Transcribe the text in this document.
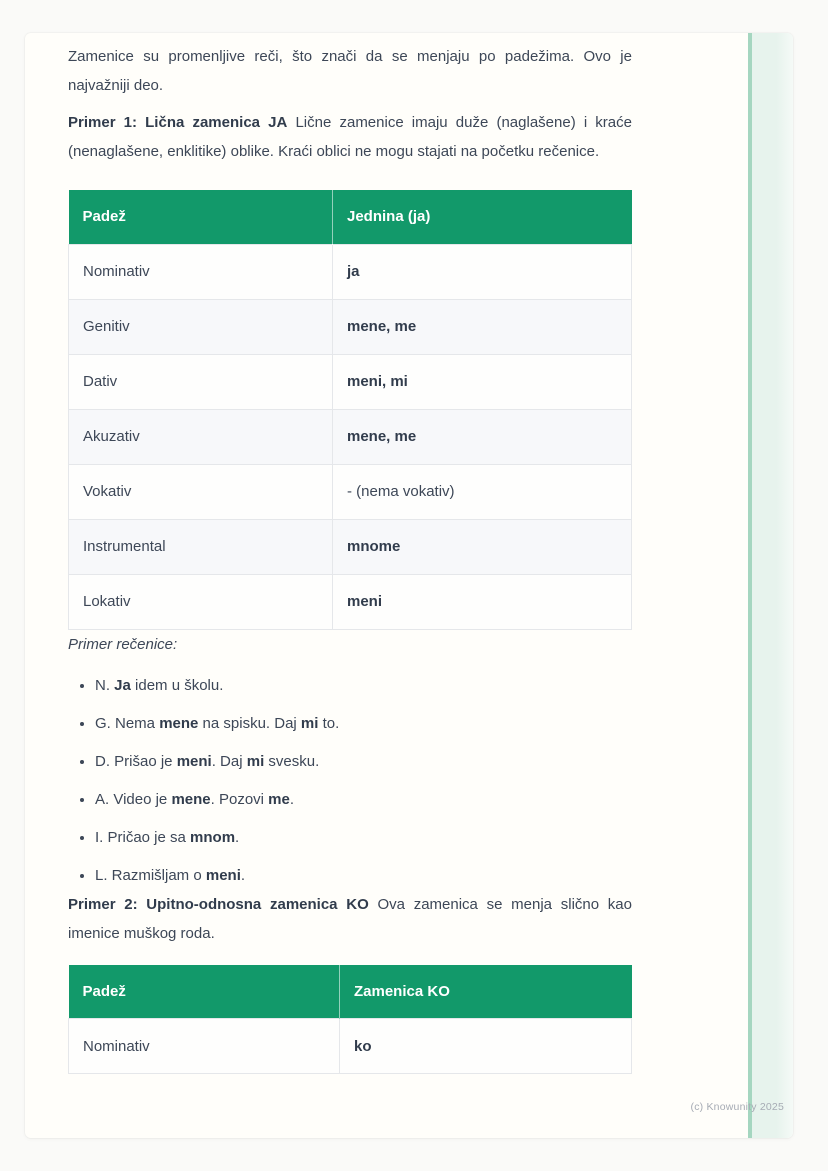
Zamenice su promenljive reči, što znači da se menjaju po padežima. Ovo je najvažniji deo.

Primer 1: Lična zamenica JA Lične zamenice imaju duže (naglašene) i kraće (nenaglašene, enklitike) oblike. Kraći oblici ne mogu stajati na početku rečenice.

Padež	Jednina (ja)
Nominativ	ja
Genitiv	mene, me
Dativ	meni, mi
Akuzativ	mene, me
Vokativ	- (nema vokativ)
Instrumental	mnome
Lokativ	meni

Primer rečenice:

• N. Ja idem u školu.
• G. Nema mene na spisku. Daj mi to.
• D. Prišao je meni. Daj mi svesku.
• A. Video je mene. Pozovi me.
• I. Pričao je sa mnom.
• L. Razmišljam o meni.

Primer 2: Upitno-odnosna zamenica KO Ova zamenica se menja slično kao imenice muškog roda.

Padež	Zamenica KO
Nominativ	ko
(c) Knowunity 2025
